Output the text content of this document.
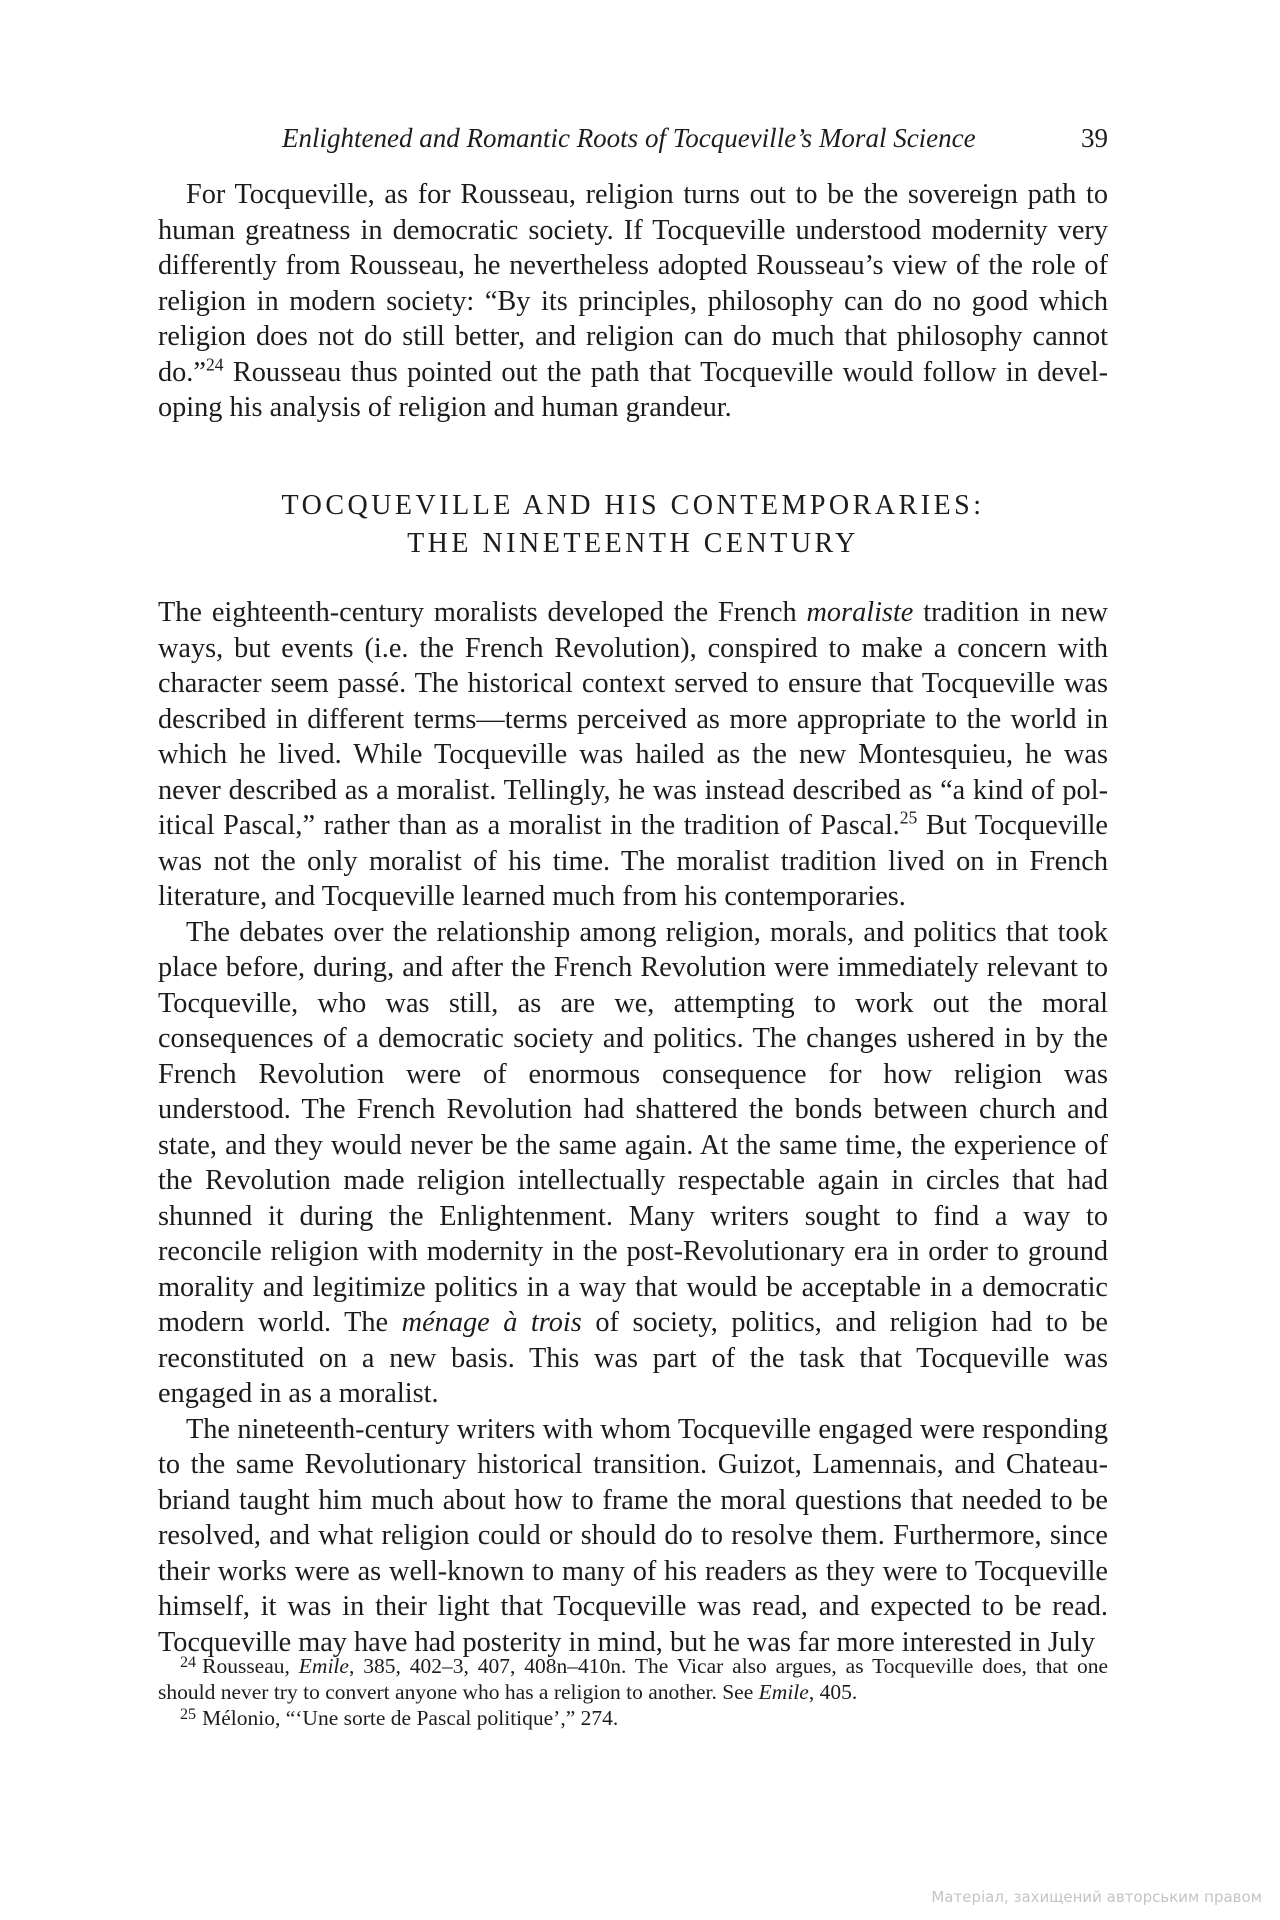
Enlightened and Romantic Roots of Tocqueville’s Moral Science	39

For Tocqueville, as for Rousseau, religion turns out to be the sovereign path to human greatness in democratic society. If Tocqueville understood modernity very differently from Rousseau, he nevertheless adopted Rousseau’s view of the role of religion in modern society: “By its principles, philosophy can do no good which religion does not do still better, and religion can do much that philosophy cannot do.”$^{24}$ Rousseau thus pointed out the path that Tocqueville would follow in developing his analysis of religion and human grandeur.

TOCQUEVILLE AND HIS CONTEMPORARIES:
THE NINETEENTH CENTURY

The eighteenth-century moralists developed the French moraliste tradition in new ways, but events (i.e. the French Revolution), conspired to make a concern with character seem passé. The historical context served to ensure that Tocqueville was described in different terms—terms perceived as more appropriate to the world in which he lived. While Tocqueville was hailed as the new Montesquieu, he was never described as a moralist. Tellingly, he was instead described as “a kind of political Pascal,” rather than as a moralist in the tradition of Pascal.$^{25}$ But Tocqueville was not the only moralist of his time. The moralist tradition lived on in French literature, and Tocqueville learned much from his contemporaries.

The debates over the relationship among religion, morals, and politics that took place before, during, and after the French Revolution were immediately relevant to Tocqueville, who was still, as are we, attempting to work out the moral consequences of a democratic society and politics. The changes ushered in by the French Revolution were of enormous consequence for how religion was understood. The French Revolution had shattered the bonds between church and state, and they would never be the same again. At the same time, the experience of the Revolution made religion intellectually respectable again in circles that had shunned it during the Enlightenment. Many writers sought to find a way to reconcile religion with modernity in the post-Revolutionary era in order to ground morality and legitimize politics in a way that would be acceptable in a democratic modern world. The ménage à trois of society, politics, and religion had to be reconstituted on a new basis. This was part of the task that Tocqueville was engaged in as a moralist.

The nineteenth-century writers with whom Tocqueville engaged were responding to the same Revolutionary historical transition. Guizot, Lamennais, and Chateaubriand taught him much about how to frame the moral questions that needed to be resolved, and what religion could or should do to resolve them. Furthermore, since their works were as well-known to many of his readers as they were to Tocqueville himself, it was in their light that Tocqueville was read, and expected to be read. Tocqueville may have had posterity in mind, but he was far more interested in July

$^{24}$ Rousseau, Emile, 385, 402–3, 407, 408n–410n. The Vicar also argues, as Tocqueville does, that one should never try to convert anyone who has a religion to another. See Emile, 405.

$^{25}$ Mélonio, “‘Une sorte de Pascal politique’,” 274.

Матеріал, захищений авторським правом
